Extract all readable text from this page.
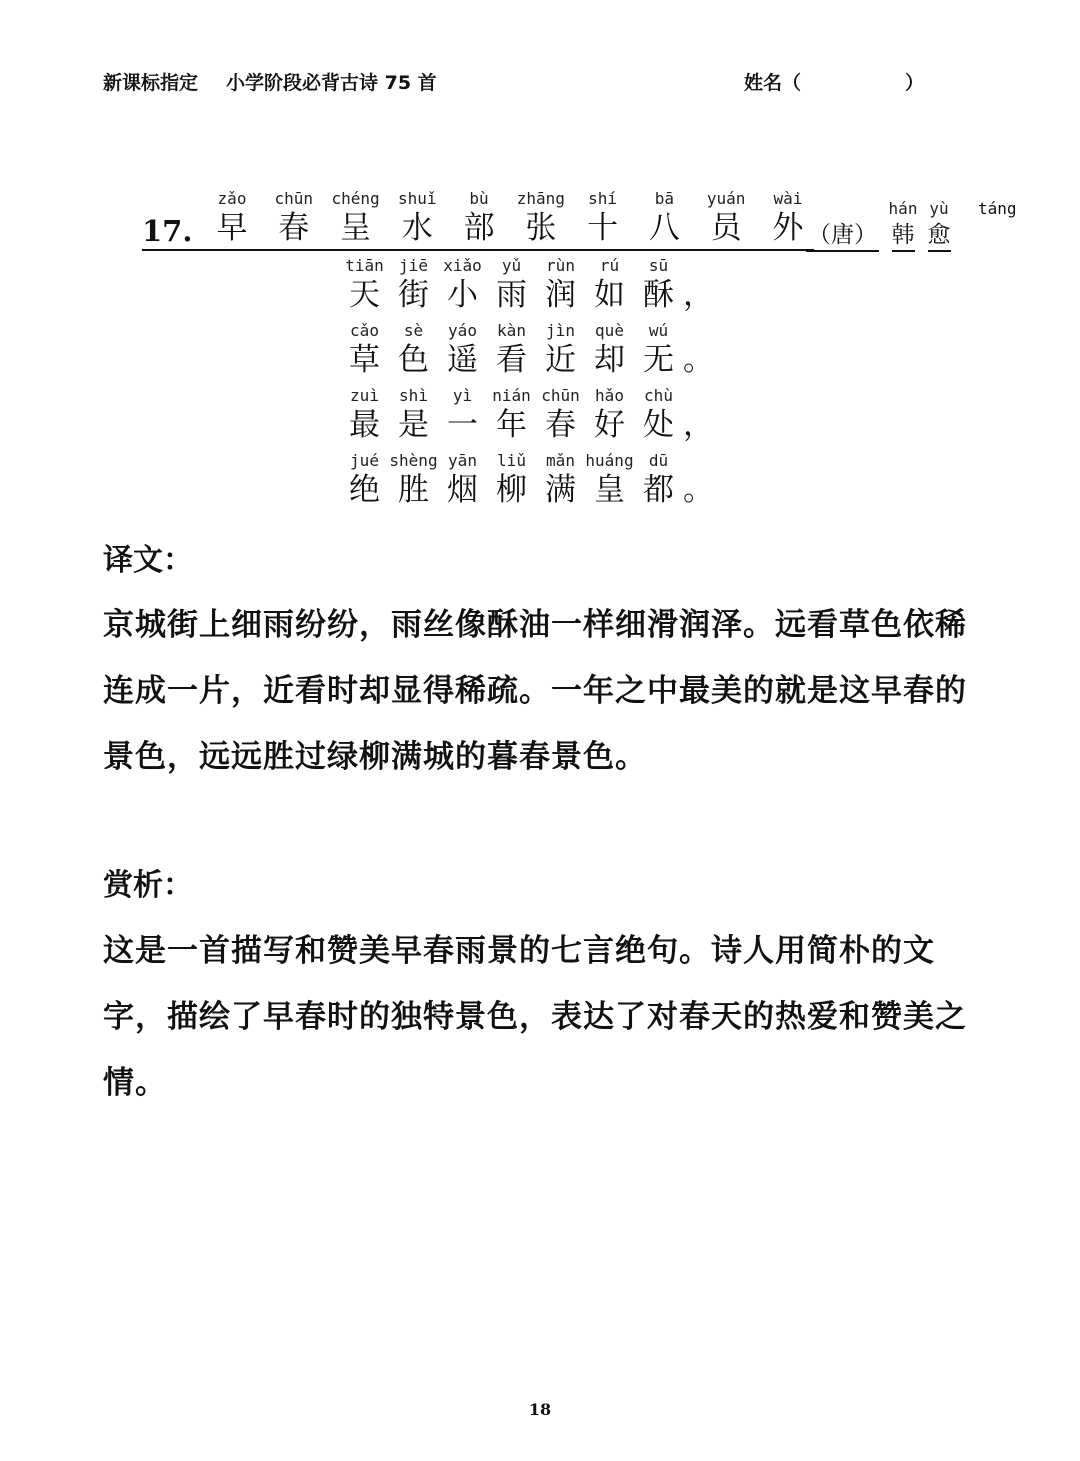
新课标指定 小学阶段必背古诗 75 首	姓名（	）
17.
zǎo
早
chūn
春
chéng
呈
shuǐ
水
bù
部
zhāng
张
shí
十
bā
八
yuán
员
wài
外 （唐）
hán
韩
yù
愈
táng
tiān
天
jiē
街
xiǎo
小
yǔ
雨
rùn
润
rú
如
sū
酥 ，
cǎo
草
sè
色
yáo
遥
kàn
看
jìn
近
què
却
wú
无 。
zuì
最
shì
是
yì
一
nián
年
chūn
春
hǎo
好
chù
处 ，
jué
绝
shèng
胜
yān
烟
liǔ
柳
mǎn
满
huáng
皇
dū
都 。
译文：
京城街上细雨纷纷，雨丝像酥油一样细滑润泽。远看草色依稀
连成一片，近看时却显得稀疏。一年之中最美的就是这早春的
景色，远远胜过绿柳满城的暮春景色。
赏析：
这是一首描写和赞美早春雨景的七言绝句。诗人用简朴的文
字，描绘了早春时的独特景色，表达了对春天的热爱和赞美之
情。
18
